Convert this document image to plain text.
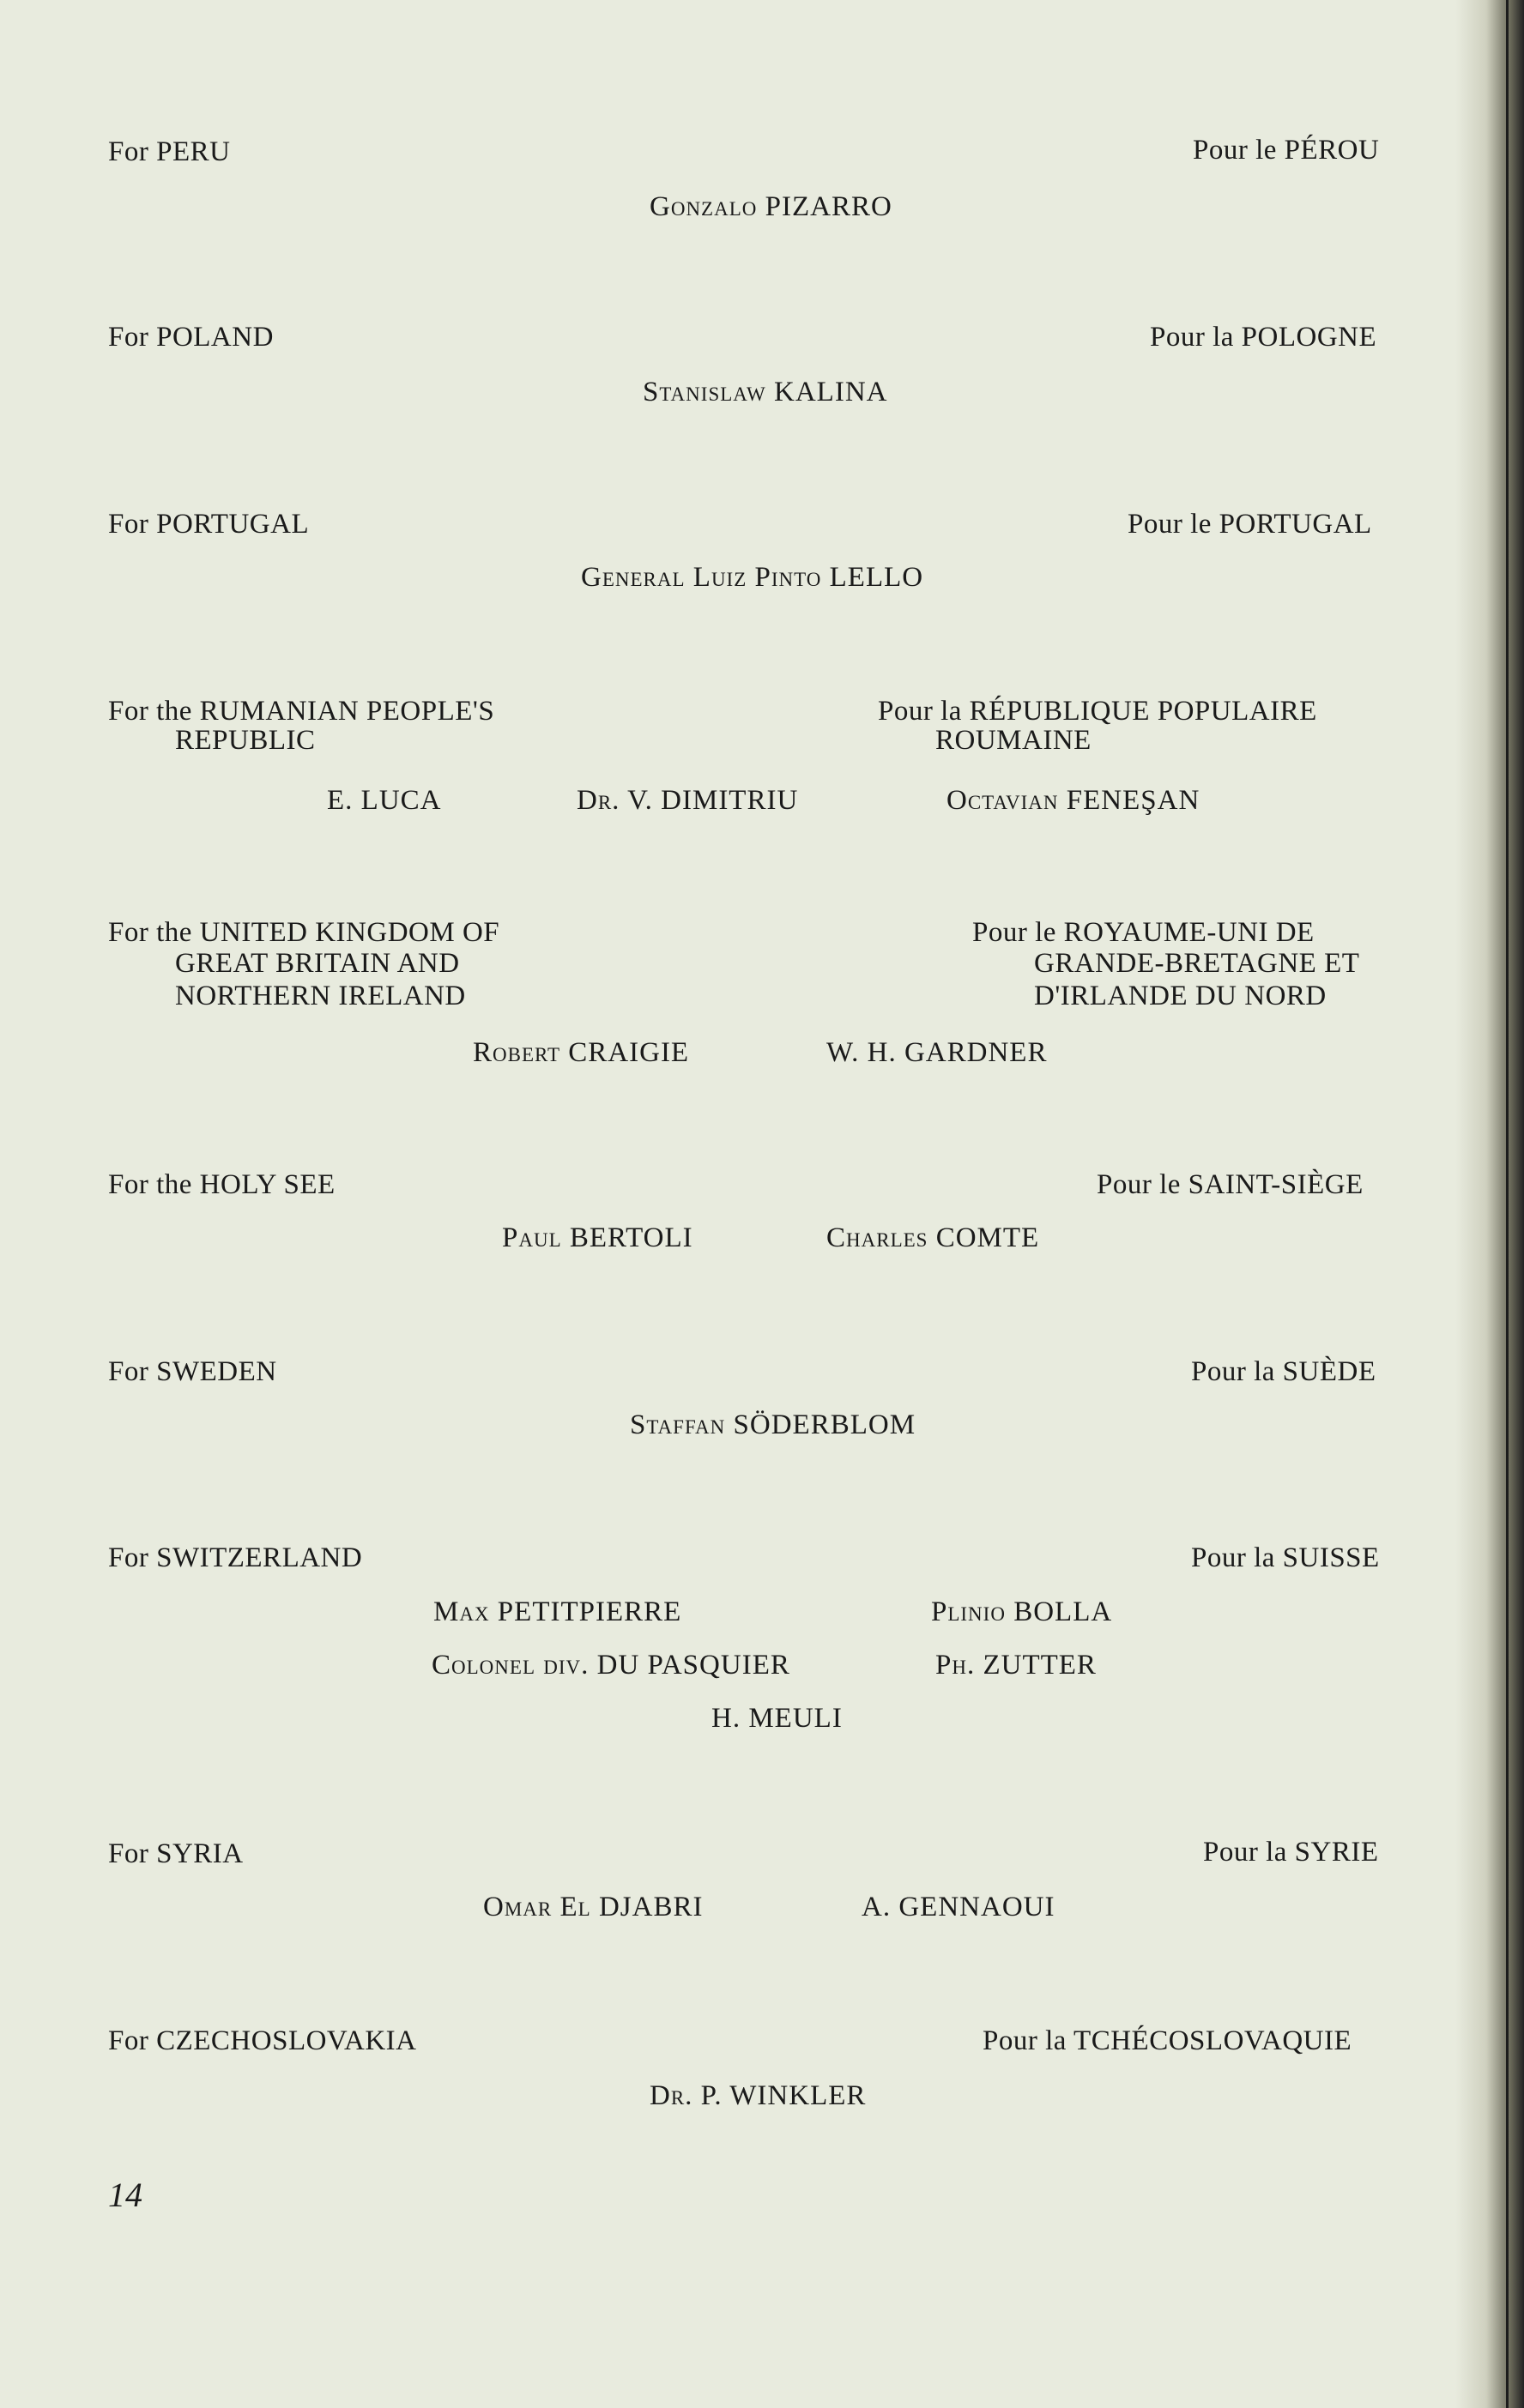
For PERU	Pour le PÉROU
Gonzalo PIZARRO
For POLAND	Pour la POLOGNE
Stanislaw KALINA
For PORTUGAL	Pour le PORTUGAL
General Luiz Pinto LELLO
For the RUMANIAN PEOPLE'S
REPUBLIC
Pour la RÉPUBLIQUE POPULAIRE
ROUMAINE
E. LUCA	Dr. V. DIMITRIU	Octavian FENEŞAN
For the UNITED KINGDOM OF
GREAT BRITAIN AND
NORTHERN IRELAND
Pour le ROYAUME-UNI DE
GRANDE-BRETAGNE ET
D'IRLANDE DU NORD
Robert CRAIGIE	W. H. GARDNER
For the HOLY SEE	Pour le SAINT-SIÈGE
Paul BERTOLI	Charles COMTE
For SWEDEN	Pour la SUÈDE
Staffan SÖDERBLOM
For SWITZERLAND	Pour la SUISSE
Max PETITPIERRE	Plinio BOLLA
Colonel div. DU PASQUIER	Ph. ZUTTER
H. MEULI
For SYRIA	Pour la SYRIE
Omar El DJABRI	A. GENNAOUI
For CZECHOSLOVAKIA	Pour la TCHÉCOSLOVAQUIE
Dr. P. WINKLER
14
